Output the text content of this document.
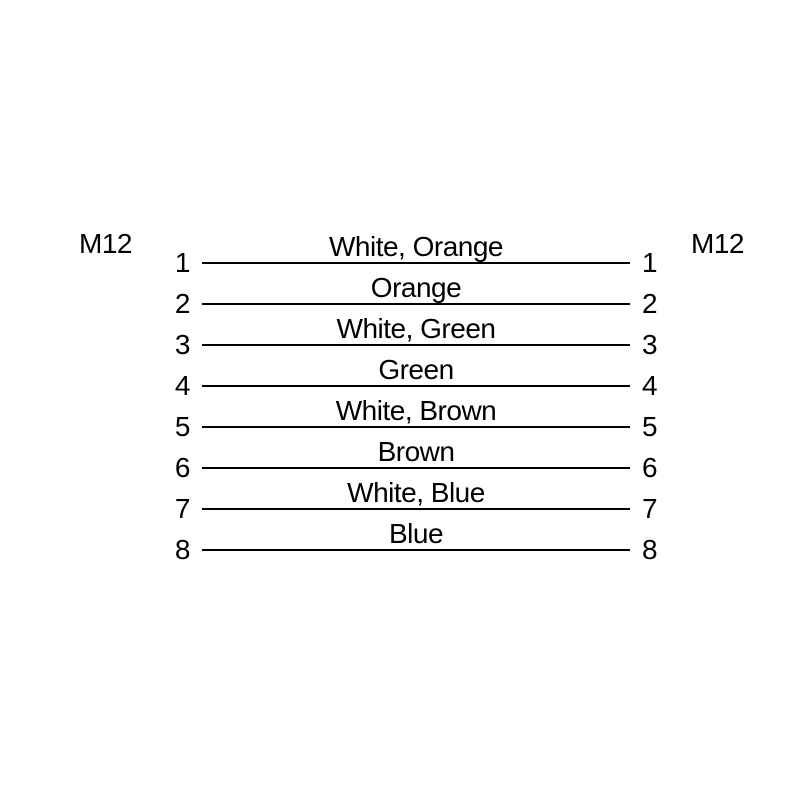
M12	M12
1
White, Orange
1
2
Orange
2
3
White, Green
3
4
Green
4
5
White, Brown
5
6
Brown
6
7
White, Blue
7
8
Blue
8
